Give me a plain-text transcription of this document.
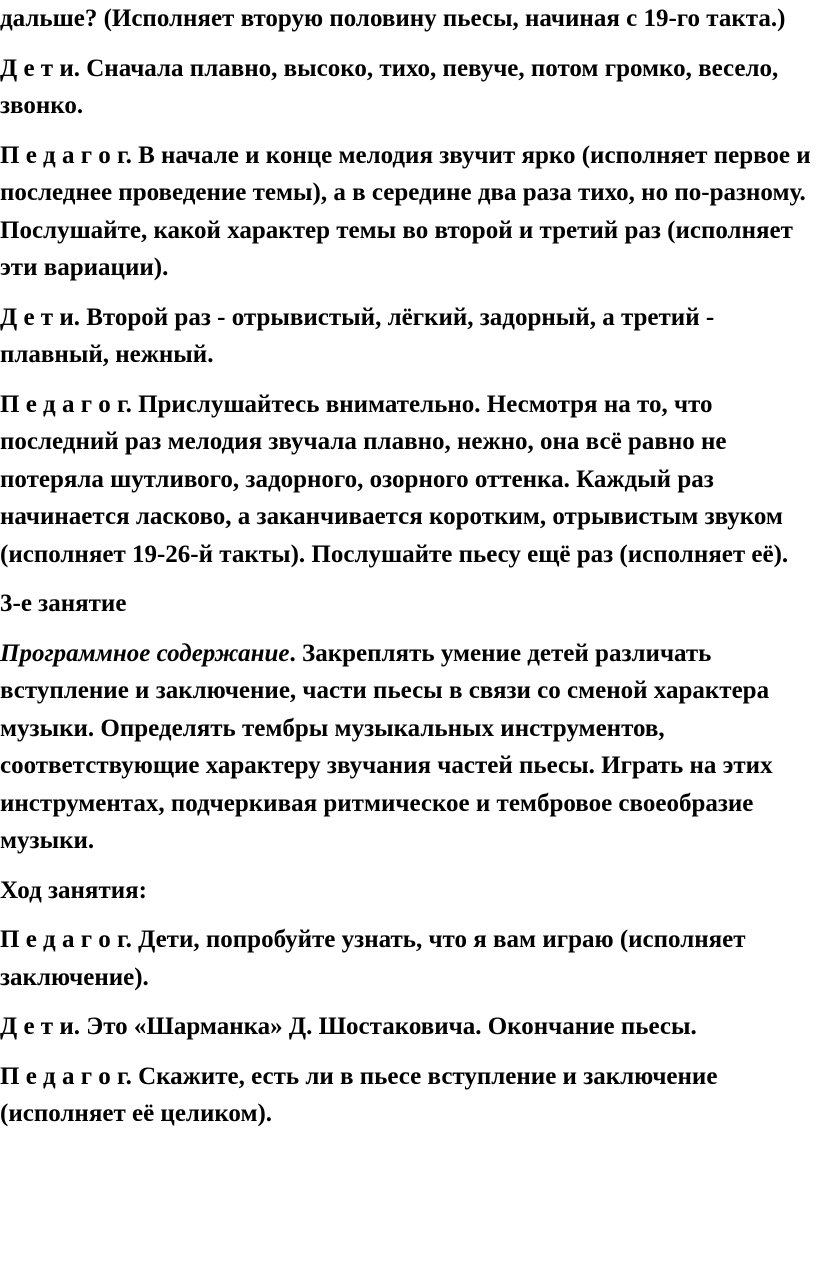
дальше? (Исполняет вторую половину пьесы, начиная с 19-го такта.)

Д е т и. Сначала плавно, высоко, тихо, певуче, потом громко, весело, звонко.

П е д а г о г. В начале и конце мелодия звучит ярко (исполняет первое и последнее проведение темы), а в середине два раза тихо, но по-разному. Послушайте, какой характер темы во второй и третий раз (исполняет эти вариации).

Д е т и. Второй раз - отрывистый, лёгкий, задорный, а третий - плавный, нежный.

П е д а г о г. Прислушайтесь внимательно. Несмотря на то, что последний раз мелодия звучала плавно, нежно, она всё равно не потеряла шутливого, задорного, озорного оттенка. Каждый раз начинается ласково, а заканчивается коротким, отрывистым звуком (исполняет 19-26-й такты). Послушайте пьесу ещё раз (исполняет её).

3-е занятие

Программное содержание. Закреплять умение детей различать вступление и заключение, части пьесы в связи со сменой характера музыки. Определять тембры музыкальных инструментов, соответствующие характеру звучания частей пьесы. Играть на этих инструментах, подчеркивая ритмическое и тембровое своеобразие музыки.

Ход занятия:

П е д а г о г. Дети, попробуйте узнать, что я вам играю (исполняет заключение).

Д е т и. Это «Шарманка» Д. Шостаковича. Окончание пьесы.

П е д а г о г. Скажите, есть ли в пьесе вступление и заключение (исполняет её целиком).
